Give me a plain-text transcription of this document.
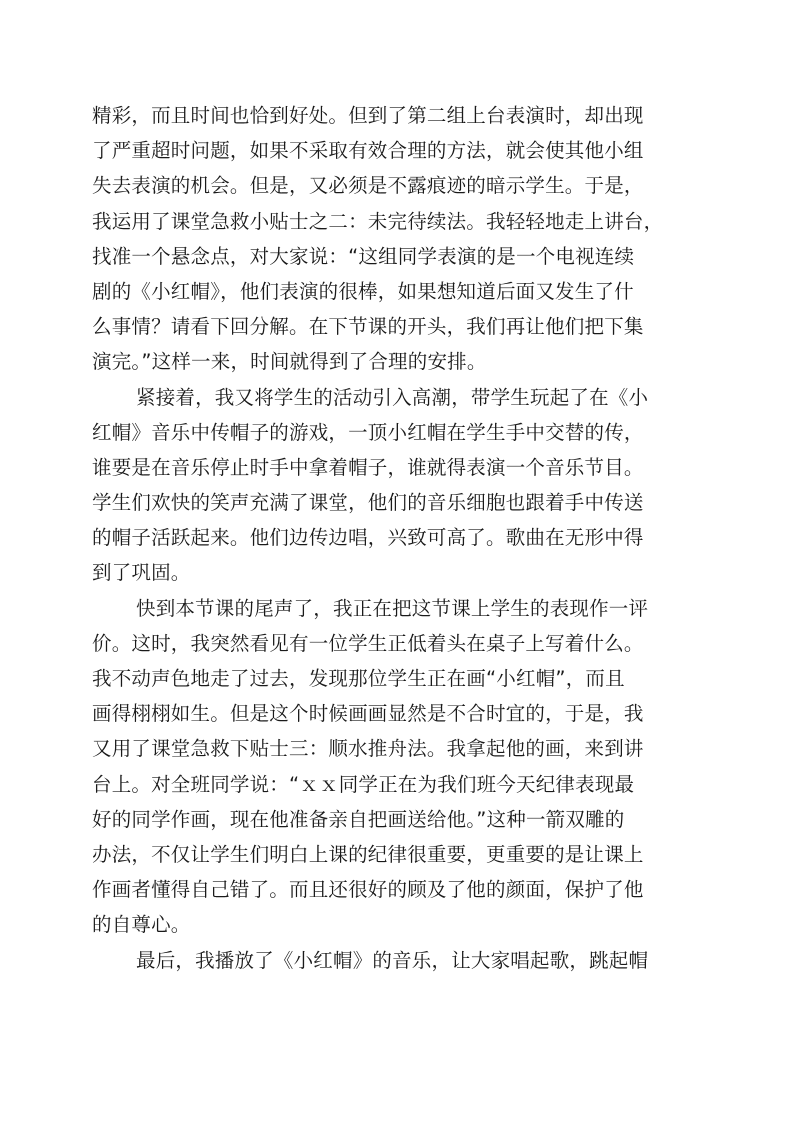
精彩，而且时间也恰到好处。但到了第二组上台表演时，却出现
了严重超时问题，如果不采取有效合理的方法，就会使其他小组
失去表演的机会。但是，又必须是不露痕迹的暗示学生。于是，
我运用了课堂急救小贴士之二：未完待续法。我轻轻地走上讲台，
找准一个悬念点，对大家说：“这组同学表演的是一个电视连续
剧的《小红帽》，他们表演的很棒，如果想知道后面又发生了什
么事情？请看下回分解。在下节课的开头，我们再让他们把下集
演完。”这样一来，时间就得到了合理的安排。
紧接着，我又将学生的活动引入高潮，带学生玩起了在《小
红帽》音乐中传帽子的游戏，一顶小红帽在学生手中交替的传，
谁要是在音乐停止时手中拿着帽子，谁就得表演一个音乐节目。
学生们欢快的笑声充满了课堂，他们的音乐细胞也跟着手中传送
的帽子活跃起来。他们边传边唱，兴致可高了。歌曲在无形中得
到了巩固。
快到本节课的尾声了，我正在把这节课上学生的表现作一评
价。这时，我突然看见有一位学生正低着头在桌子上写着什么。
我不动声色地走了过去，发现那位学生正在画“小红帽”，而且
画得栩栩如生。但是这个时候画画显然是不合时宜的，于是，我
又用了课堂急救下贴士三：顺水推舟法。我拿起他的画，来到讲
台上。对全班同学说：“ｘｘ同学正在为我们班今天纪律表现最
好的同学作画，现在他准备亲自把画送给他。”这种一箭双雕的
办法，不仅让学生们明白上课的纪律很重要，更重要的是让课上
作画者懂得自己错了。而且还很好的顾及了他的颜面，保护了他
的自尊心。
最后，我播放了《小红帽》的音乐，让大家唱起歌，跳起帽
